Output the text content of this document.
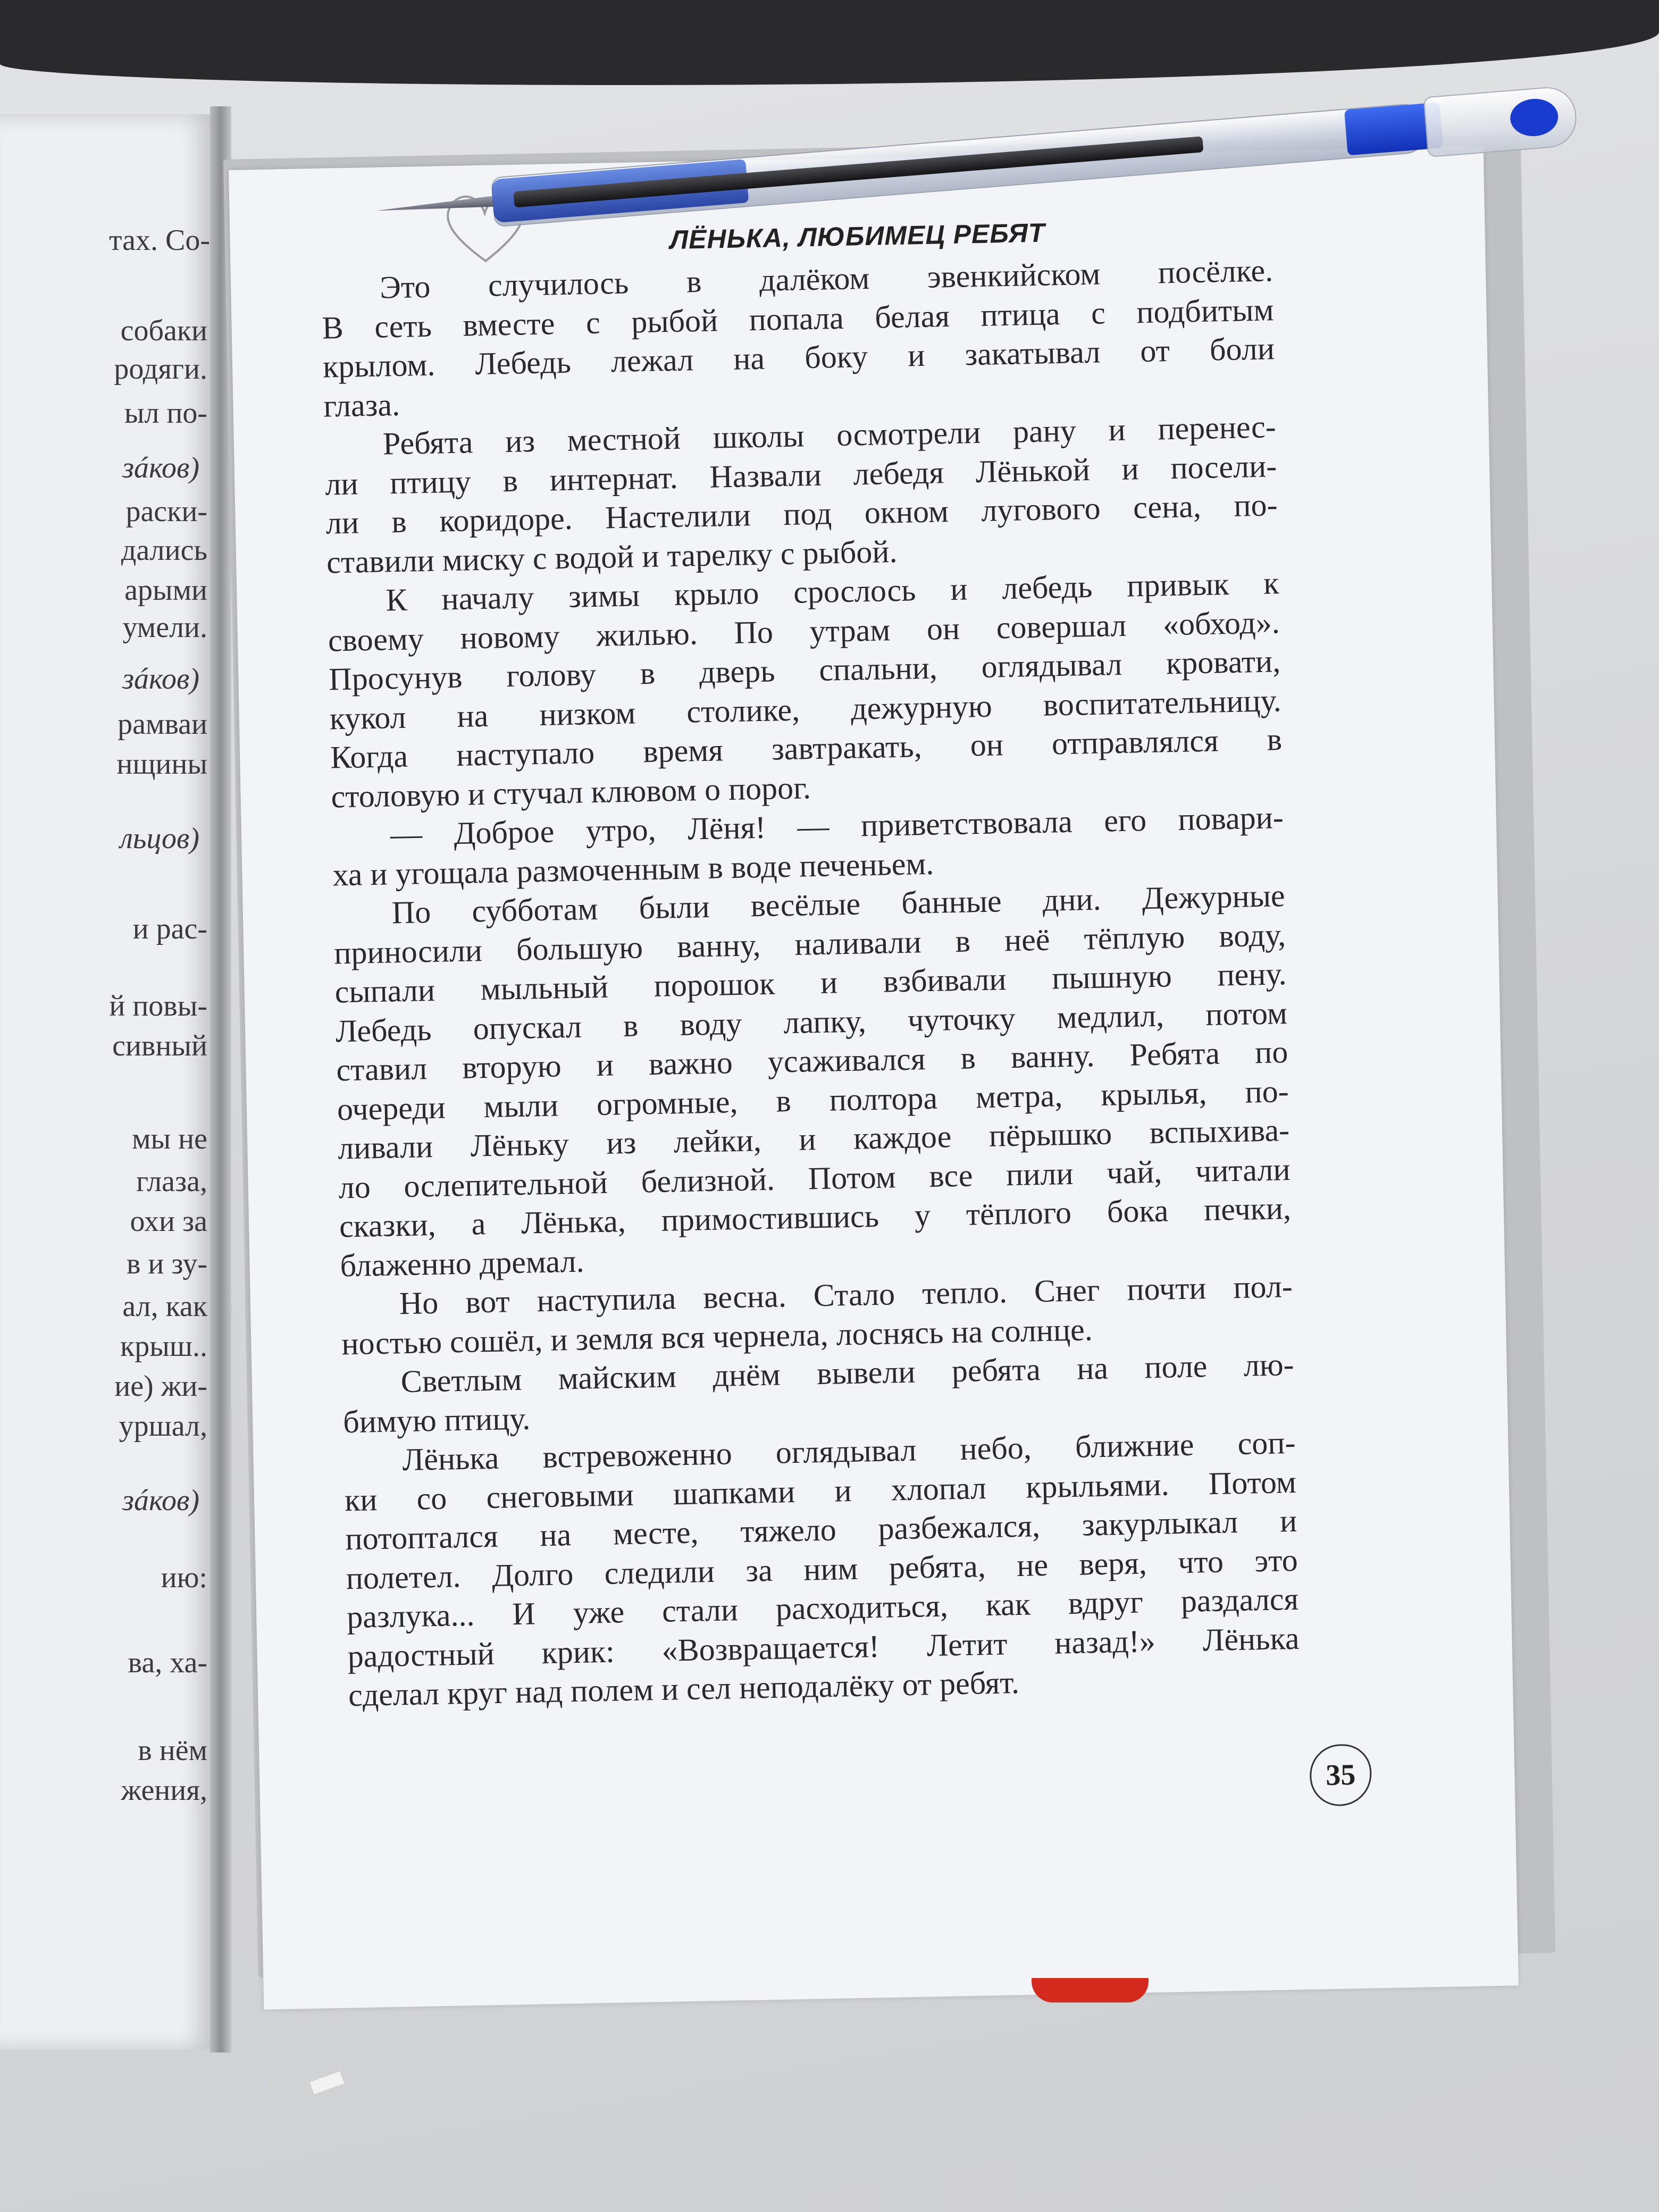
тах. Со-
собаки
родяги.
ыл по-
зáков)
раски-
дались
арыми
умели.
зáков)
рамваи
нщины
льцов)
и рас-
й повы-
сивный
мы не
глаза,
охи за
в и зу-
ал, как
крыш..
ие) жи-
уршал,
зáков)
ию:
ва, ха-
в нём
жения,
ЛЁНЬКА, ЛЮБИМЕЦ РЕБЯТ
Это случилось в далёком эвенкийском посёлке.
В сеть вместе с рыбой попала белая птица с подбитым
крылом. Лебедь лежал на боку и закатывал от боли
глаза.
Ребята из местной школы осмотрели рану и перенес-
ли птицу в интернат. Назвали лебедя Лёнькой и посели-
ли в коридоре. Настелили под окном лугового сена, по-
ставили миску с водой и тарелку с рыбой.
К началу зимы крыло срослось и лебедь привык к
своему новому жилью. По утрам он совершал «обход».
Просунув голову в дверь спальни, оглядывал кровати,
кукол на низком столике, дежурную воспитательницу.
Когда наступало время завтракать, он отправлялся в
столовую и стучал клювом о порог.
— Доброе утро, Лёня! — приветствовала его повари-
ха и угощала размоченным в воде печеньем.
По субботам были весёлые банные дни. Дежурные
приносили большую ванну, наливали в неё тёплую воду,
сыпали мыльный порошок и взбивали пышную пену.
Лебедь опускал в воду лапку, чуточку медлил, потом
ставил вторую и важно усаживался в ванну. Ребята по
очереди мыли огромные, в полтора метра, крылья, по-
ливали Лёньку из лейки, и каждое пёрышко вспыхива-
ло ослепительной белизной. Потом все пили чай, читали
сказки, а Лёнька, примостившись у тёплого бока печки,
блаженно дремал.
Но вот наступила весна. Стало тепло. Снег почти пол-
ностью сошёл, и земля вся чернела, лоснясь на солнце.
Светлым майским днём вывели ребята на поле лю-
бимую птицу.
Лёнька встревоженно оглядывал небо, ближние соп-
ки со снеговыми шапками и хлопал крыльями. Потом
потоптался на месте, тяжело разбежался, закурлыкал и
полетел. Долго следили за ним ребята, не веря, что это
разлука... И уже стали расходиться, как вдруг раздался
радостный крик: «Возвращается! Летит назад!» Лёнька
сделал круг над полем и сел неподалёку от ребят.
35
